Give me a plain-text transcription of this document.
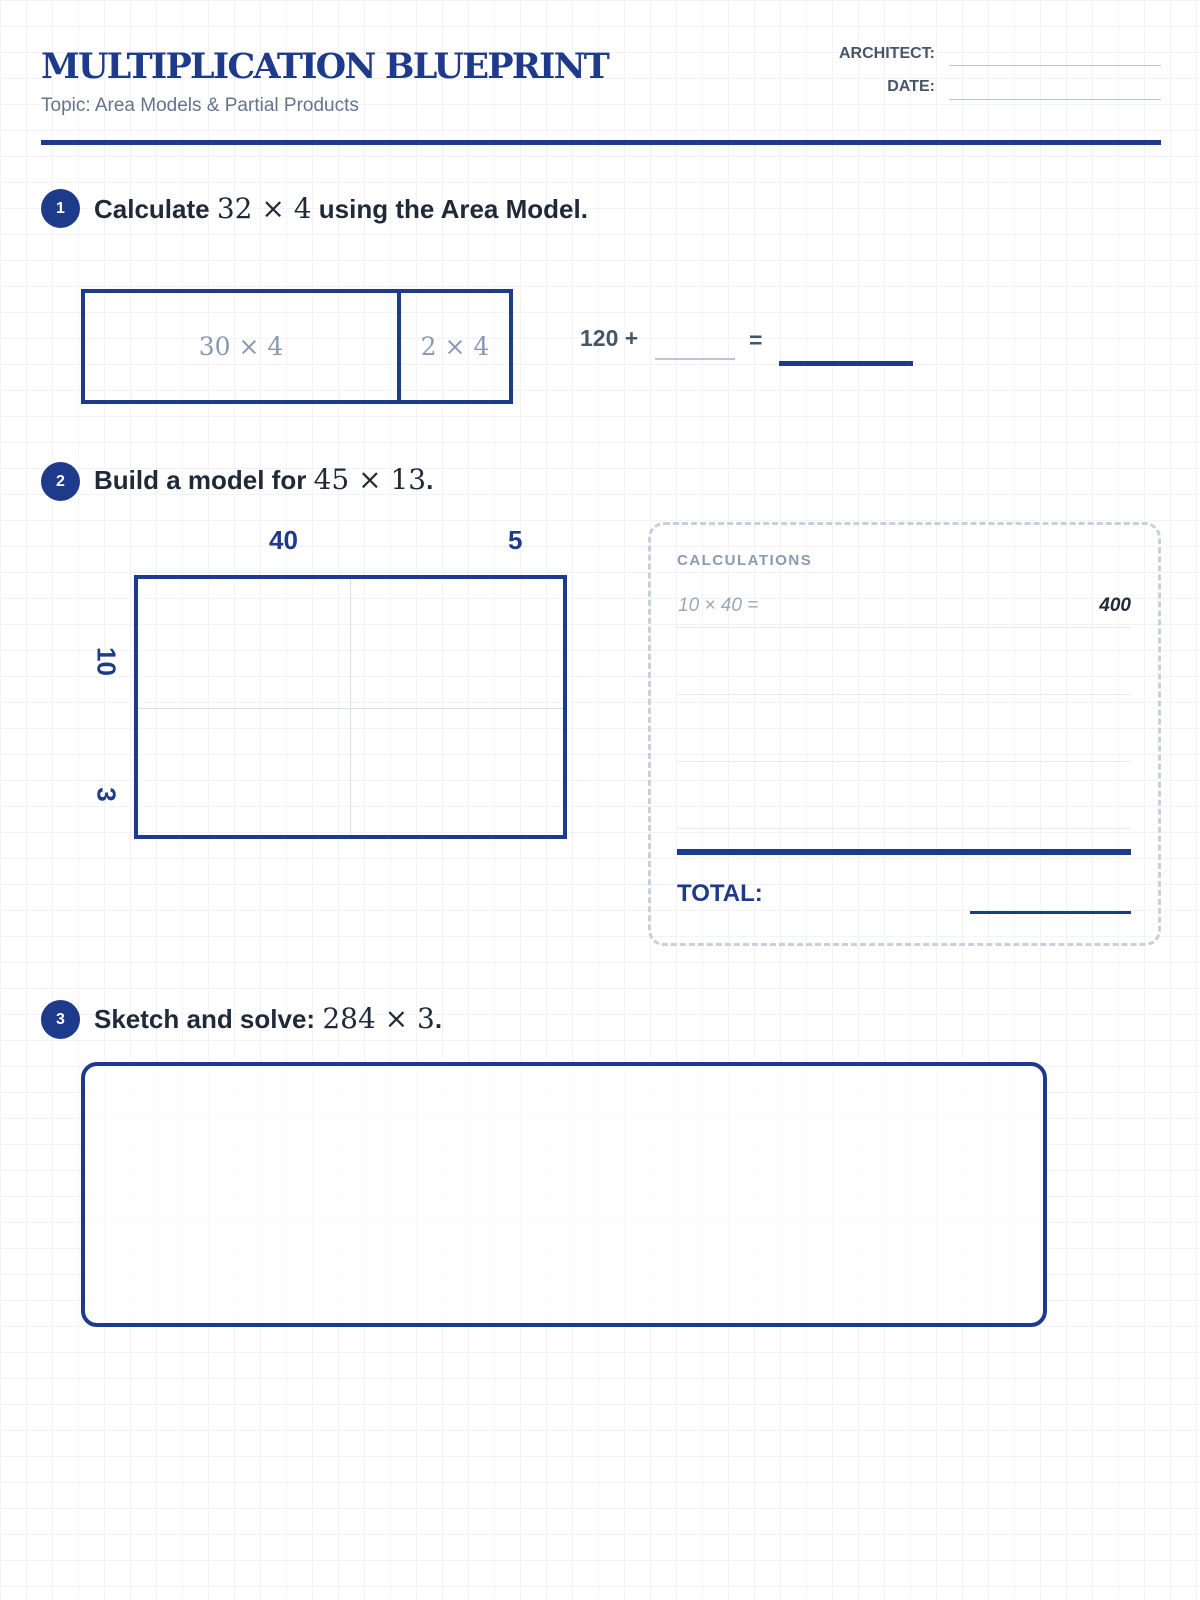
MULTIPLICATION BLUEPRINT
Topic: Area Models & Partial Products
ARCHITECT:
DATE:
1	Calculate 32 × 4 using the Area Model.
30 × 4	2 × 4	120 +	=
2	Build a model for 45 × 13.
40	5
10
3
CALCULATIONS
10 × 40 =	400
TOTAL:
3	Sketch and solve: 284 × 3.
